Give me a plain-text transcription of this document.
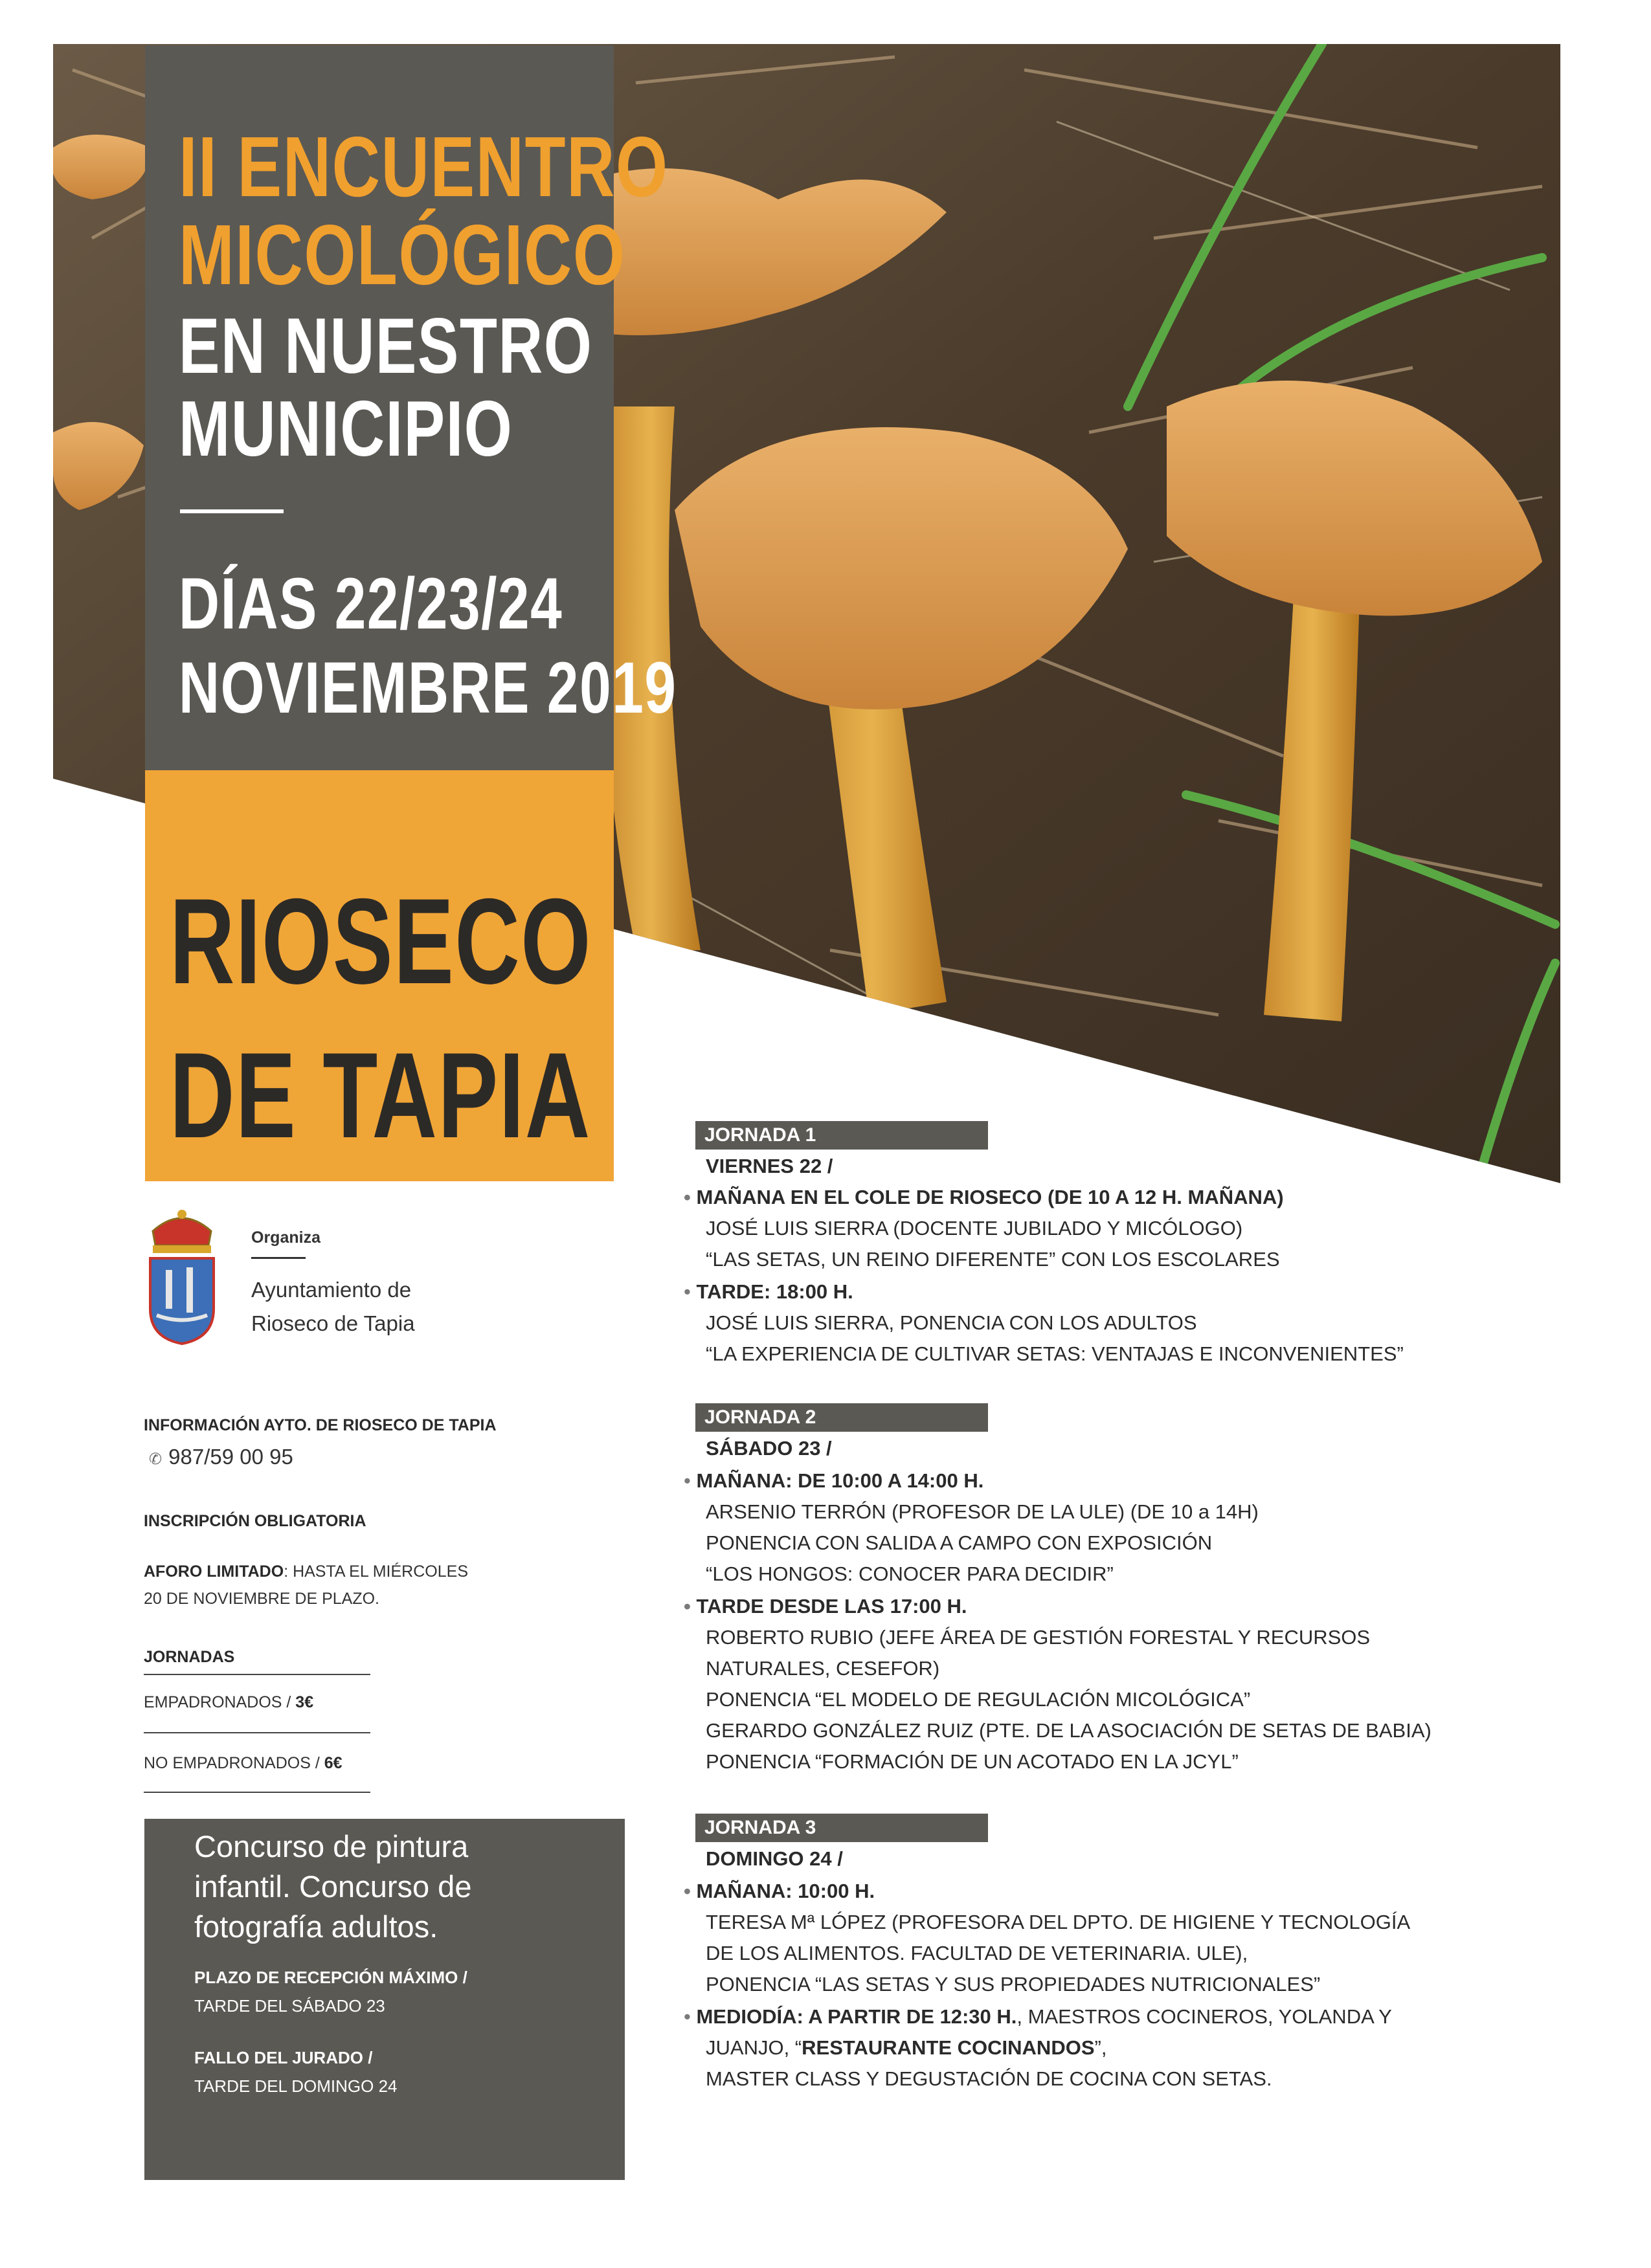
II ENCUENTRO
MICOLÓGICO
EN NUESTRO
MUNICIPIO
DÍAS 22/23/24
NOVIEMBRE 2019
RIOSECO
DE TAPIA
Organiza
Ayuntamiento de
Rioseco de Tapia
INFORMACIÓN AYTO. DE RIOSECO DE TAPIA
✆ 987/59 00 95
INSCRIPCIÓN OBLIGATORIA
AFORO LIMITADO: HASTA EL MIÉRCOLES
20 DE NOVIEMBRE DE PLAZO.
JORNADAS
EMPADRONADOS / 3€
NO EMPADRONADOS / 6€
Concurso de pintura
infantil. Concurso de
fotografía adultos.
PLAZO DE RECEPCIÓN MÁXIMO /
TARDE DEL SÁBADO 23
FALLO DEL JURADO /
TARDE DEL DOMINGO 24
JORNADA 1
VIERNES 22 /
• MAÑANA EN EL COLE DE RIOSECO (DE 10 A 12 H. MAÑANA)
JOSÉ LUIS SIERRA (DOCENTE JUBILADO Y MICÓLOGO)
“LAS SETAS, UN REINO DIFERENTE” CON LOS ESCOLARES
• TARDE: 18:00 H.
JOSÉ LUIS SIERRA, PONENCIA CON LOS ADULTOS
“LA EXPERIENCIA DE CULTIVAR SETAS: VENTAJAS E INCONVENIENTES”
JORNADA 2
SÁBADO 23 /
• MAÑANA: DE 10:00 A 14:00 H.
ARSENIO TERRÓN (PROFESOR DE LA ULE) (DE 10 a 14H)
PONENCIA CON SALIDA A CAMPO CON EXPOSICIÓN
“LOS HONGOS: CONOCER PARA DECIDIR”
• TARDE DESDE LAS 17:00 H.
ROBERTO RUBIO (JEFE ÁREA DE GESTIÓN FORESTAL Y RECURSOS
NATURALES, CESEFOR)
PONENCIA “EL MODELO DE REGULACIÓN MICOLÓGICA”
GERARDO GONZÁLEZ RUIZ (PTE. DE LA ASOCIACIÓN DE SETAS DE BABIA)
PONENCIA “FORMACIÓN DE UN ACOTADO EN LA JCYL”
JORNADA 3
DOMINGO 24 /
• MAÑANA: 10:00 H.
TERESA Mª LÓPEZ (PROFESORA DEL DPTO. DE HIGIENE Y TECNOLOGÍA
DE LOS ALIMENTOS. FACULTAD DE VETERINARIA. ULE),
PONENCIA “LAS SETAS Y SUS PROPIEDADES NUTRICIONALES”
• MEDIODÍA: A PARTIR DE 12:30 H., MAESTROS COCINEROS, YOLANDA Y
JUANJO, “RESTAURANTE COCINANDOS”,
MASTER CLASS Y DEGUSTACIÓN DE COCINA CON SETAS.
